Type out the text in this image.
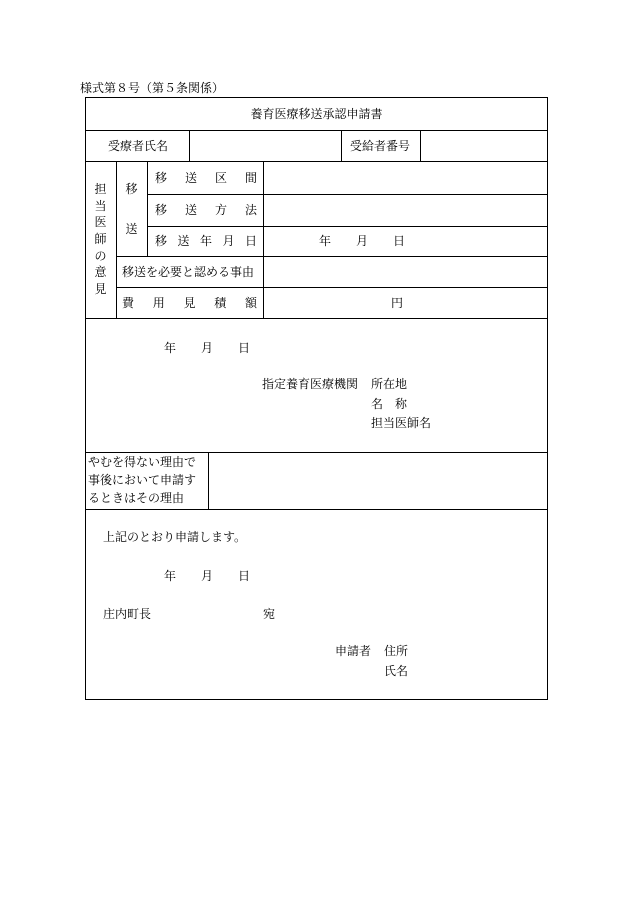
様式第８号（第５条関係）
養育医療移送承認申請書
受療者氏名	受給者番号
担
当
医
師
の
意
見
移
送
移 送 区 間
移 送 方 法
移 送 年 月 日	年 月 日
移送を必要と認める事由
費 用 見 積 額	円
年 月 日
指定養育医療機関 所在地
名　称
担当医師名
やむを得ない理由で
事後において申請す
るときはその理由
上記のとおり申請します。
年 月 日
庄内町長	宛
申請者 住所
氏名
